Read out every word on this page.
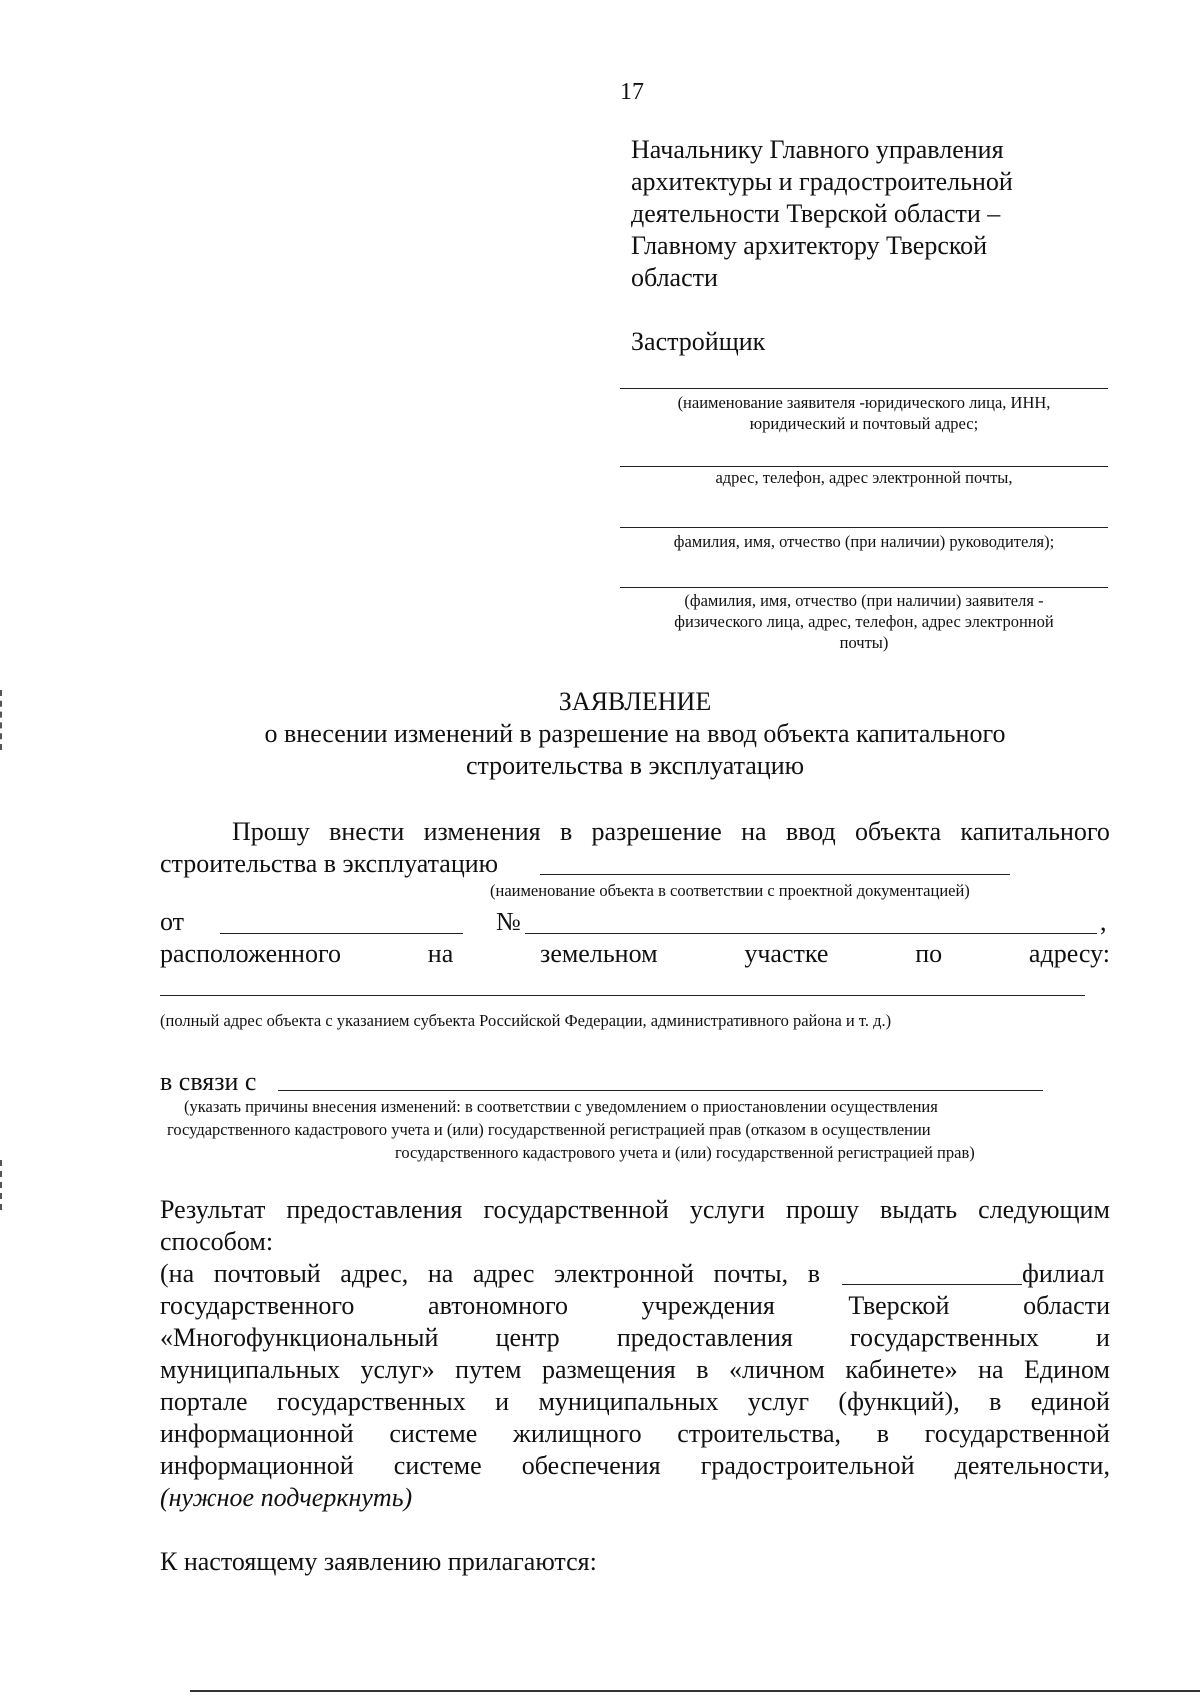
17
Начальнику Главного управления
архитектуры и градостроительной
деятельности Тверской области –
Главному архитектору Тверской
области
Застройщик
(наименование заявителя -юридического лица, ИНН,
юридический и почтовый адрес;
адрес, телефон, адрес электронной почты,
фамилия, имя, отчество (при наличии) руководителя);
(фамилия, имя, отчество (при наличии) заявителя -
физического лица, адрес, телефон, адрес электронной
почты)
ЗАЯВЛЕНИЕ
о внесении изменений в разрешение на ввод объекта капитального
строительства в эксплуатацию
Прошу внести изменения в разрешение на ввод объекта капитального
строительства в эксплуатацию
(наименование объекта в соответствии с проектной документацией)
от	№	,
расположенного	на	земельном	участке	по	адресу:
(полный адрес объекта с указанием субъекта Российской Федерации, административного района и т. д.)
в связи с
(указать причины внесения изменений: в соответствии с уведомлением о приостановлении осуществления
государственного кадастрового учета и (или) государственной регистрацией прав (отказом в осуществлении
государственного кадастрового учета и (или) государственной регистрацией прав)
Результат предоставления государственной услуги прошу выдать следующим
способом:
(на почтовый адрес, на адрес электронной почты, в	филиал
государственного	автономного	учреждения	Тверской	области
«Многофункциональный центр предоставления государственных и
муниципальных услуг» путем размещения в «личном кабинете» на Едином
портале государственных и муниципальных услуг (функций), в единой
информационной системе жилищного строительства, в государственной
информационной системе обеспечения градостроительной деятельности,
(нужное подчеркнуть)
К настоящему заявлению прилагаются:
